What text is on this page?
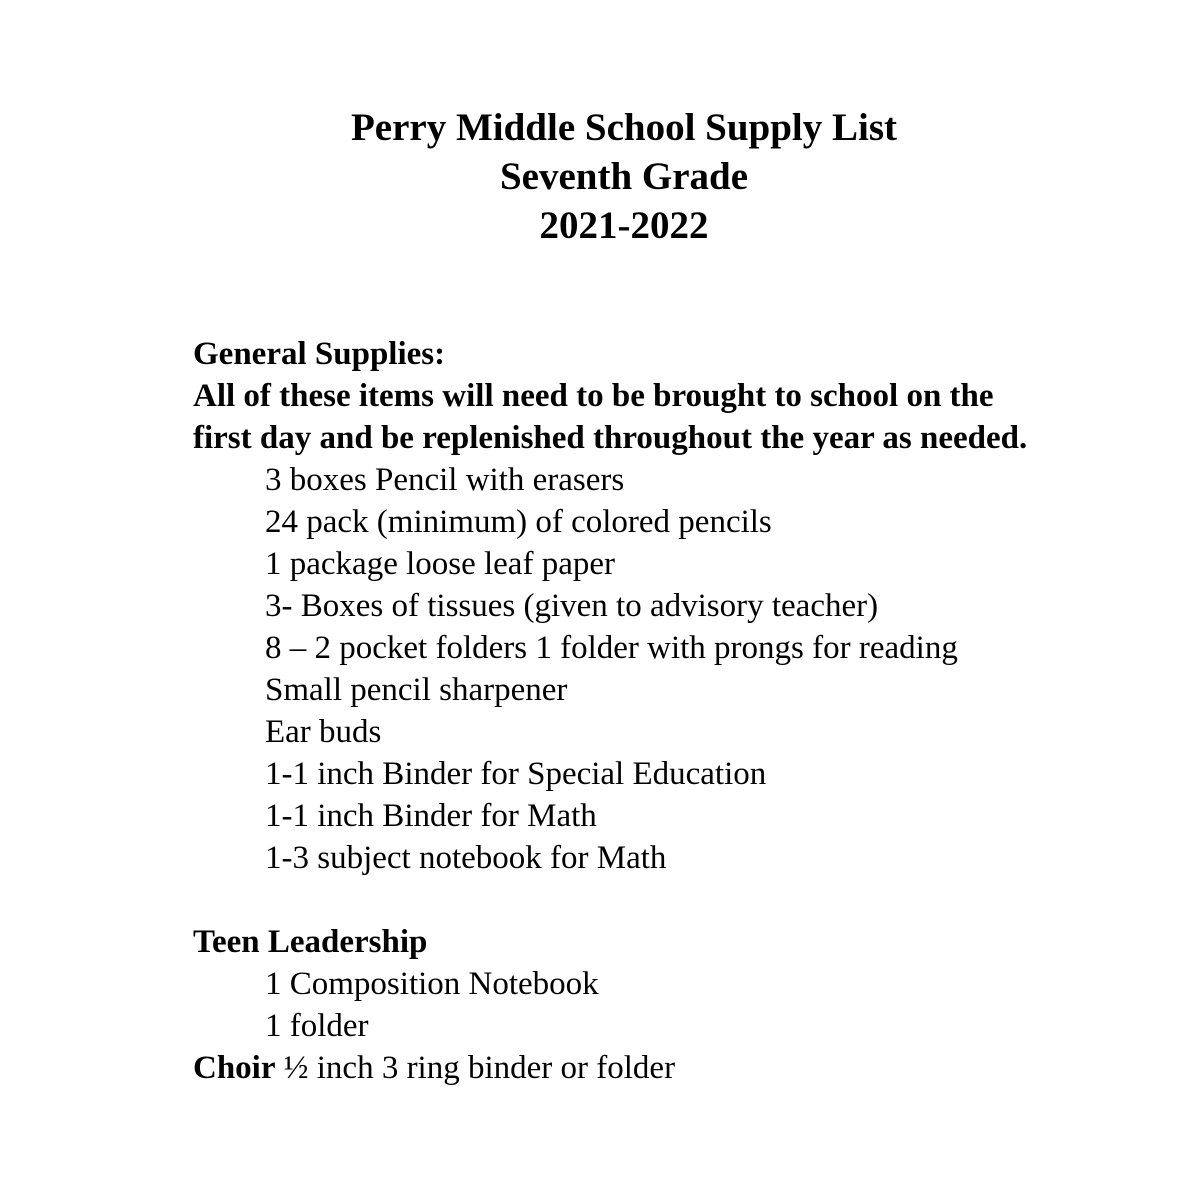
Perry Middle School Supply List
Seventh Grade
2021-2022
General Supplies:
All of these items will need to be brought to school on the first day and be replenished throughout the year as needed.
3 boxes Pencil with erasers
24 pack (minimum) of colored pencils
1 package loose leaf paper
3- Boxes of tissues (given to advisory teacher)
8 – 2 pocket folders 1 folder with prongs for reading
Small pencil sharpener
Ear buds
1-1 inch Binder for Special Education
1-1 inch Binder for Math
1-3 subject notebook for Math
Teen Leadership
1 Composition Notebook
1 folder
Choir ½ inch 3 ring binder or folder
